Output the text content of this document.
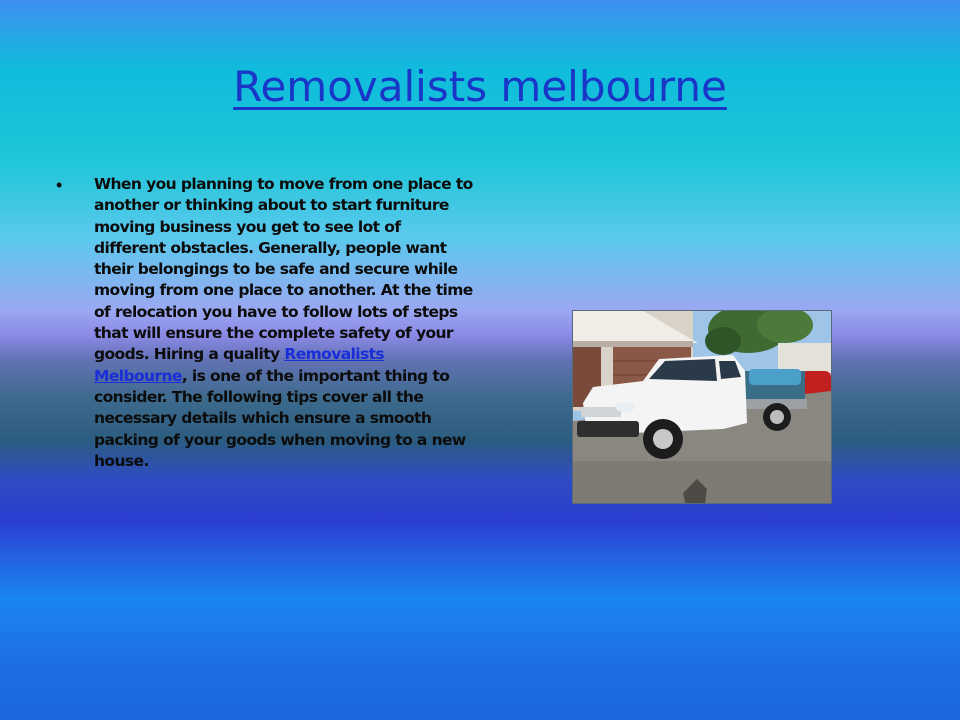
Removalists melbourne
• When you planning to move from one place to another or thinking about to start furniture moving business you get to see lot of different obstacles. Generally, people want their belongings to be safe and secure while moving from one place to another. At the time of relocation you have to follow lots of steps that will ensure the complete safety of your goods. Hiring a quality Removalists Melbourne, is one of the important thing to consider. The following tips cover all the necessary details which ensure a smooth packing of your goods when moving to a new house.
